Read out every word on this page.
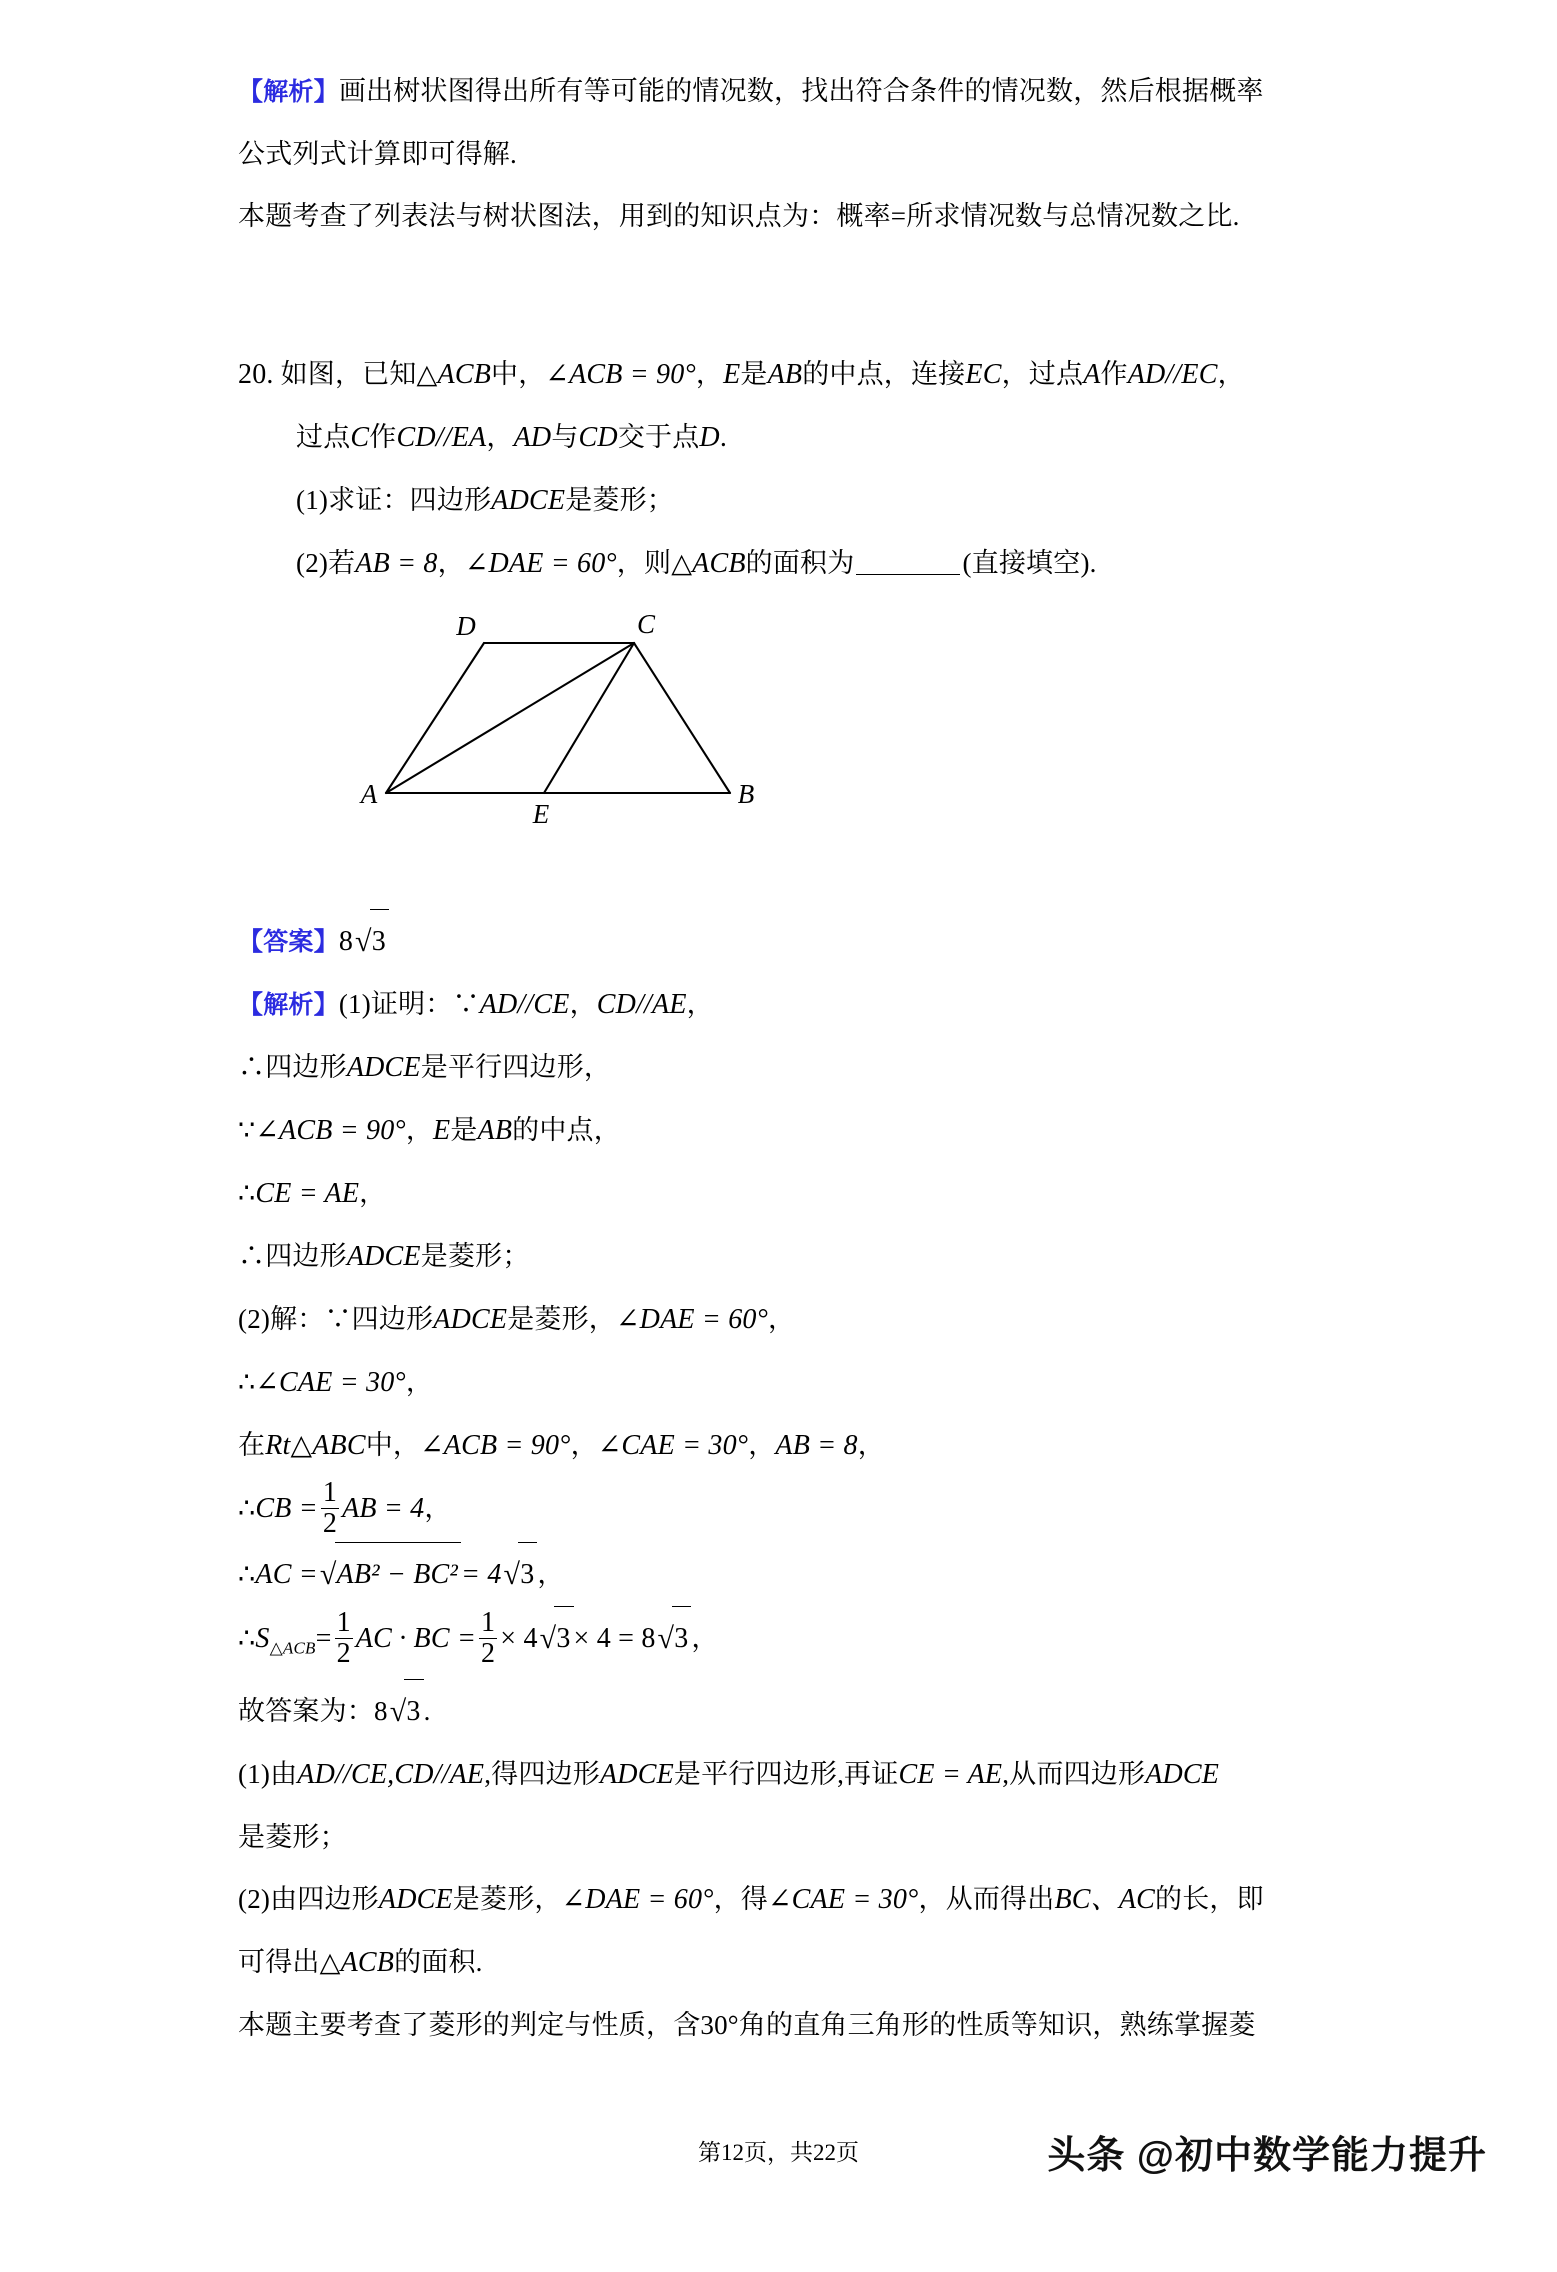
【解析】画出树状图得出所有等可能的情况数，找出符合条件的情况数，然后根据概率
公式列式计算即可得解.
本题考查了列表法与树状图法，用到的知识点为：概率=所求情况数与总情况数之比.
20. 如图，已知△ACB中，∠ACB = 90°，E是AB的中点，连接EC，过点A作AD//EC，
过点C作CD//EA，AD与CD交于点D.
(1)求证：四边形ADCE是菱形；
(2)若AB = 8，∠DAE = 60°，则△ACB的面积为	(直接填空).
D	C
A
E
B
【答案】8√3
【解析】(1)证明：∵AD//CE，CD//AE，
∴四边形ADCE是平行四边形，
∵∠ACB = 90°，E是AB的中点，
∴CE = AE，
∴四边形ADCE是菱形；
(2)解：∵四边形ADCE是菱形，∠DAE = 60°，
∴∠CAE = 30°，
在Rt△ABC中，∠ACB = 90°，∠CAE = 30°，AB = 8，
∴CB = $\frac{1}{2}$ AB = 4，
∴AC =√AB² − BC² = 4√3 ，
$\therefore S_{\triangle ACB}= \frac{1}{2}$ AC · BC = $\frac{1}{2} \times 4√3 \times 4 = 8√3$ ，
故答案为：8√3 .
(1)由AD//CE,CD//AE,得四边形ADCE是平行四边形,再证CE = AE,从而四边形ADCE
是菱形；
(2)由四边形ADCE是菱形，∠DAE = 60°，得∠CAE = 30°，从而得出BC、AC的长，即
可得出△ACB的面积.
本题主要考查了菱形的判定与性质，含30°角的直角三角形的性质等知识，熟练掌握菱
第12页，共22页	头条 @初中数学能力提升
